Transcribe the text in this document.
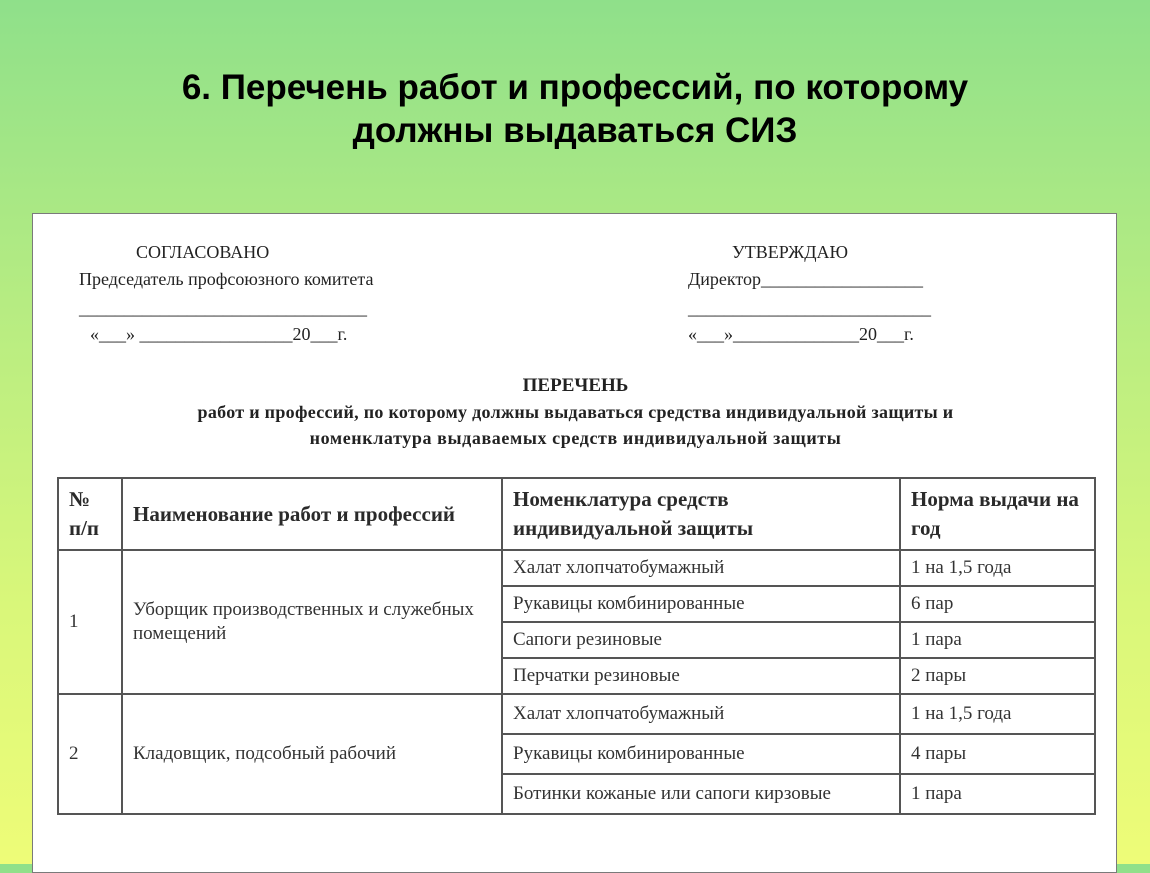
6. Перечень работ и профессий, по которому
должны выдаваться СИЗ
СОГЛАСОВАНО
Председатель профсоюзного комитета
________________________________
«___» _________________20___г.
УТВЕРЖДАЮ
Директор__________________
___________________________
«___»______________20___г.
ПЕРЕЧЕНЬ
работ и профессий, по которому должны выдаваться средства индивидуальной защиты и
номенклатура выдаваемых средств индивидуальной защиты
№ п/п	Наименование работ и профессий	Номенклатура средств индивидуальной защиты	Норма выдачи на год
1	Уборщик производственных и служебных помещений	Халат хлопчатобумажный	1 на 1,5 года
		Рукавицы комбинированные	6 пар
		Сапоги резиновые	1 пара
		Перчатки резиновые	2 пары
2	Кладовщик, подсобный рабочий	Халат хлопчатобумажный	1 на 1,5 года
		Рукавицы комбинированные	4 пары
		Ботинки кожаные или сапоги кирзовые	1 пара
